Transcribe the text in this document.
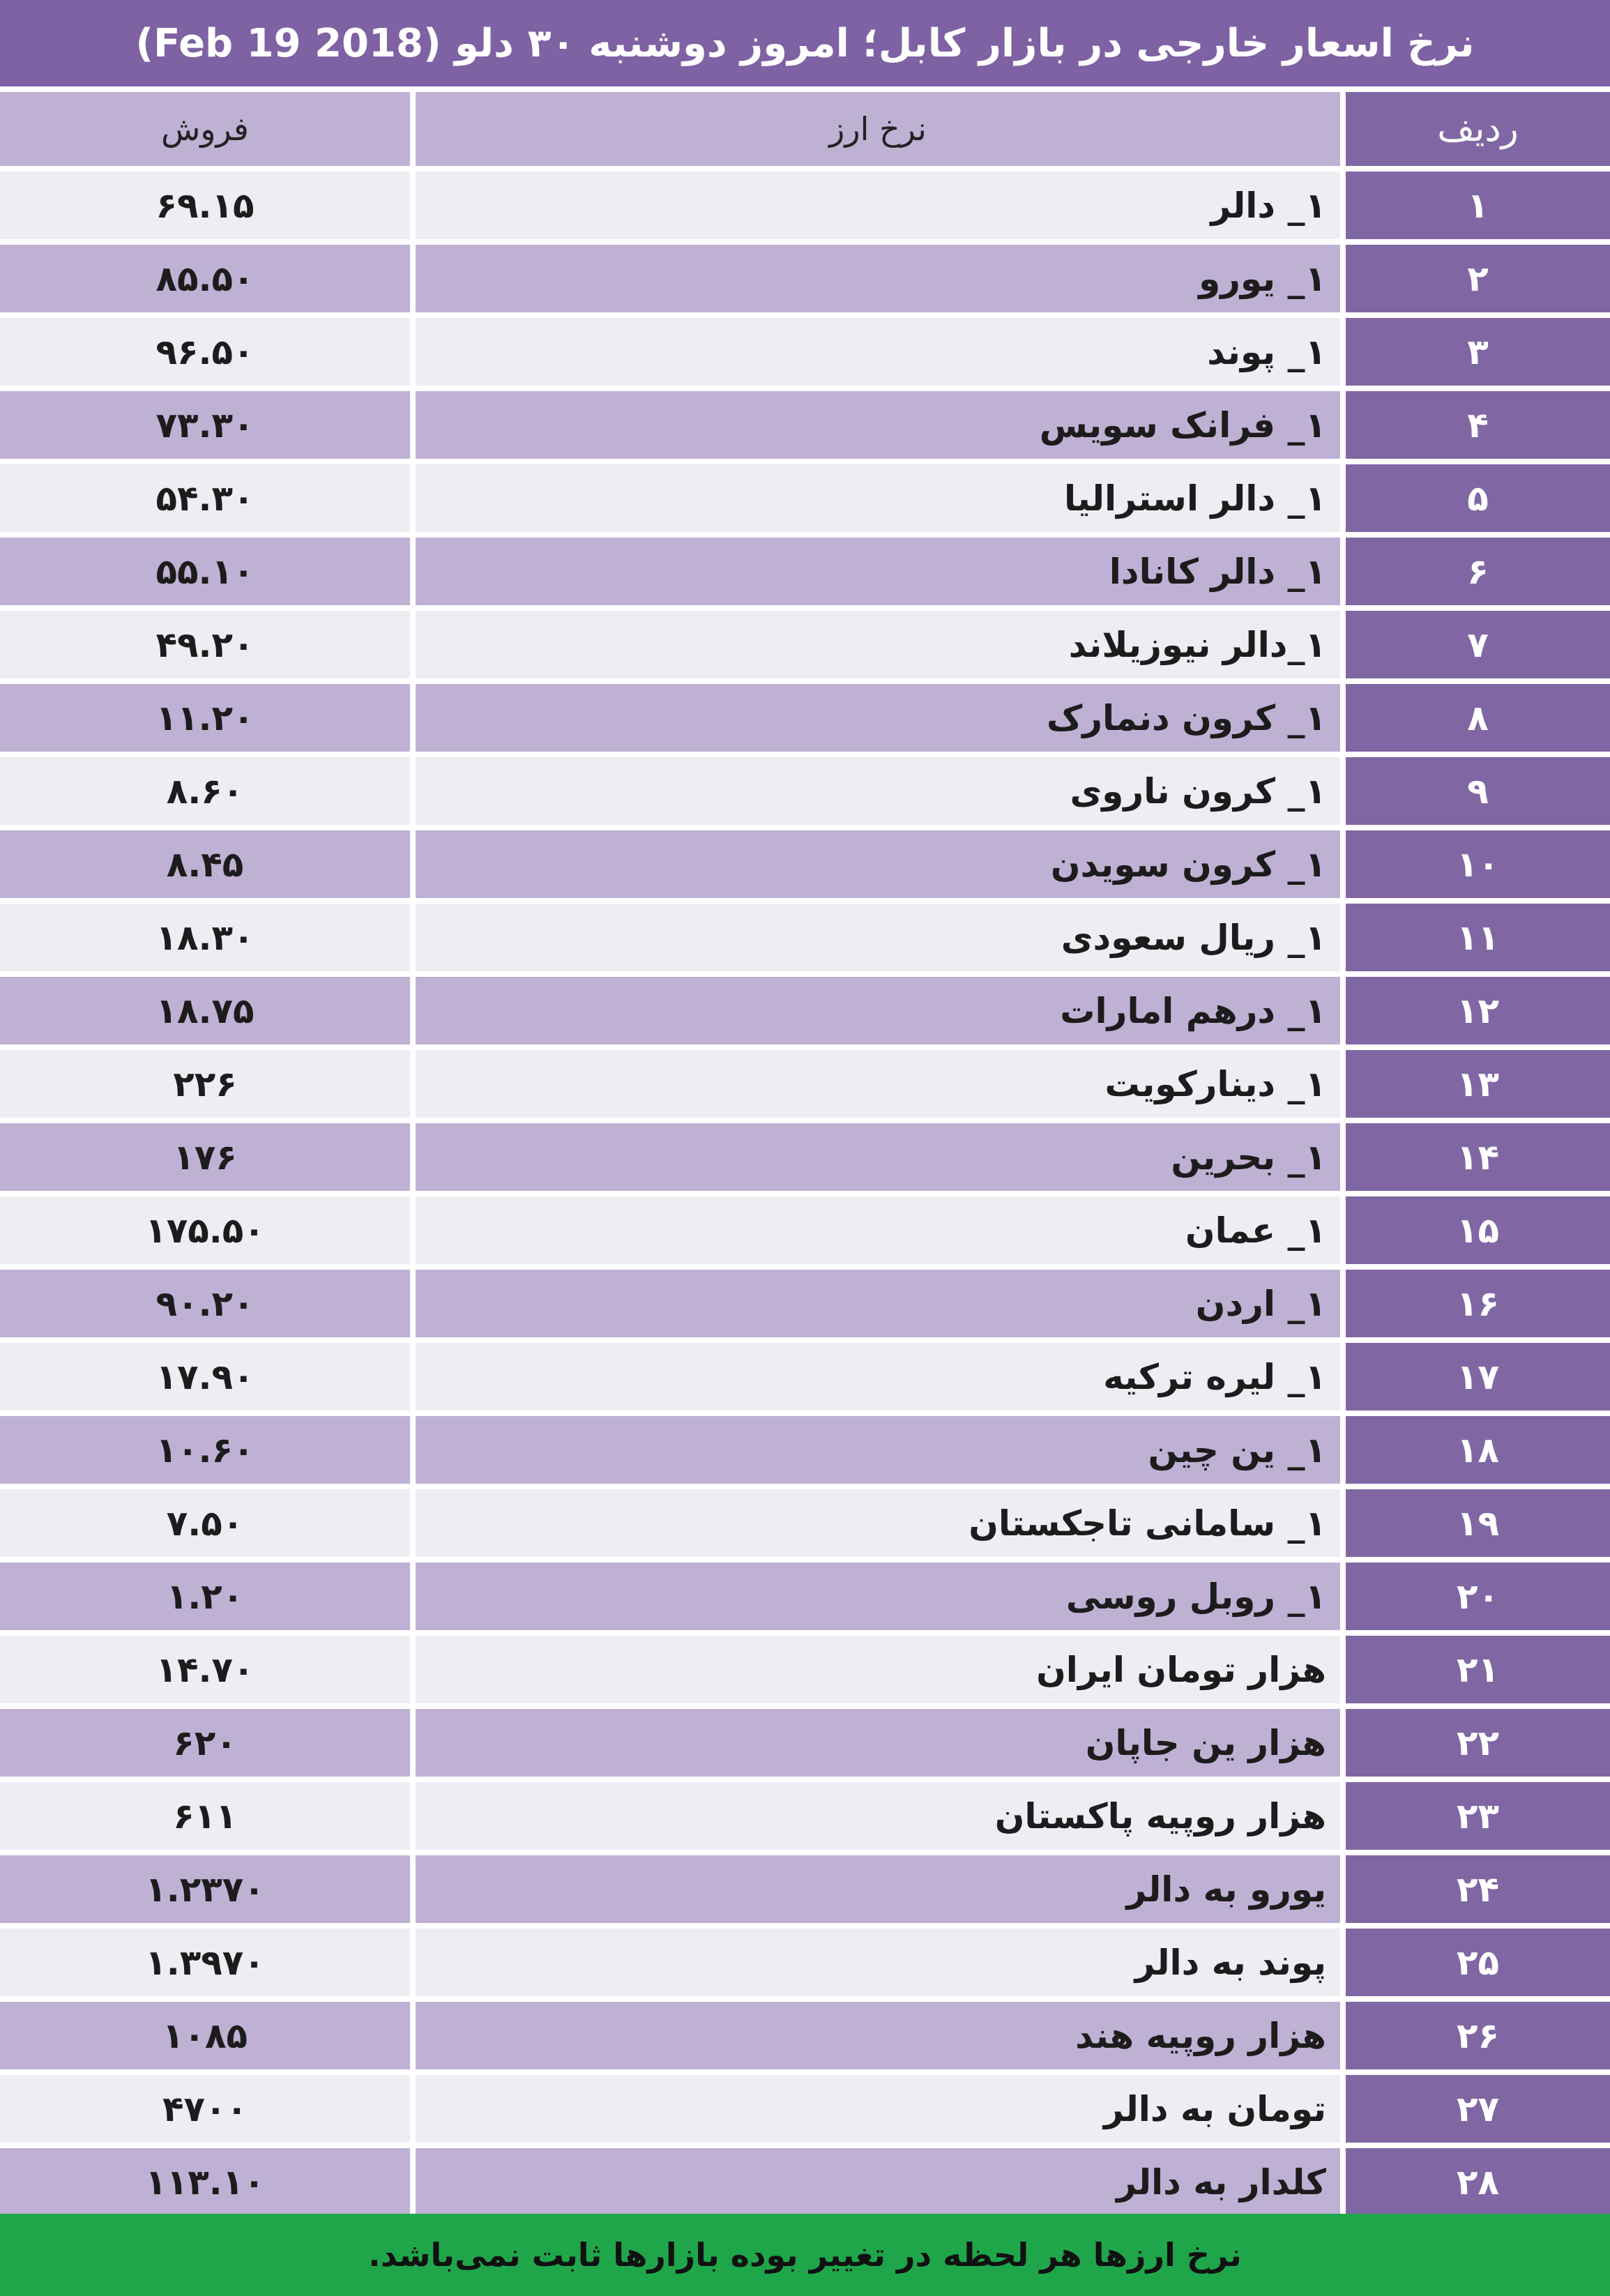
نرخ اسعار خارجی در بازار کابل؛ امروز دوشنبه ۳۰ دلو (Feb 19 2018)
فروش	نرخ ارز	ردیف
۶۹.۱۵	۱_ دالر	۱
۸۵.۵۰	۱_ یورو	۲
۹۶.۵۰	۱_ پوند	۳
۷۳.۳۰	۱_ فرانک سویس	۴
۵۴.۳۰	۱_ دالر استرالیا	۵
۵۵.۱۰	۱_ دالر کانادا	۶
۴۹.۲۰	۱_دالر نیوزیلاند	۷
۱۱.۲۰	۱_ کرون دنمارک	۸
۸.۶۰	۱_ کرون ناروی	۹
۸.۴۵	۱_ کرون سویدن	۱۰
۱۸.۳۰	۱_ ریال سعودی	۱۱
۱۸.۷۵	۱_ درهم امارات	۱۲
۲۲۶	۱_ دینارکویت	۱۳
۱۷۶	۱_ بحرین	۱۴
۱۷۵.۵۰	۱_ عمان	۱۵
۹۰.۲۰	۱_ اردن	۱۶
۱۷.۹۰	۱_ لیره ترکیه	۱۷
۱۰.۶۰	۱_ ین چین	۱۸
۷.۵۰	۱_ سامانی تاجکستان	۱۹
۱.۲۰	۱_ روبل روسی	۲۰
۱۴.۷۰	هزار تومان ایران	۲۱
۶۲۰	هزار ین جاپان	۲۲
۶۱۱	هزار روپیه پاکستان	۲۳
۱.۲۳۷۰	یورو به دالر	۲۴
۱.۳۹۷۰	پوند به دالر	۲۵
۱۰۸۵	هزار روپیه هند	۲۶
۴۷۰۰	تومان به دالر	۲۷
۱۱۳.۱۰	کلدار به دالر	۲۸
نرخ ارزها هر لحظه در تغییر بوده بازارها ثابت نمی‌باشد.
